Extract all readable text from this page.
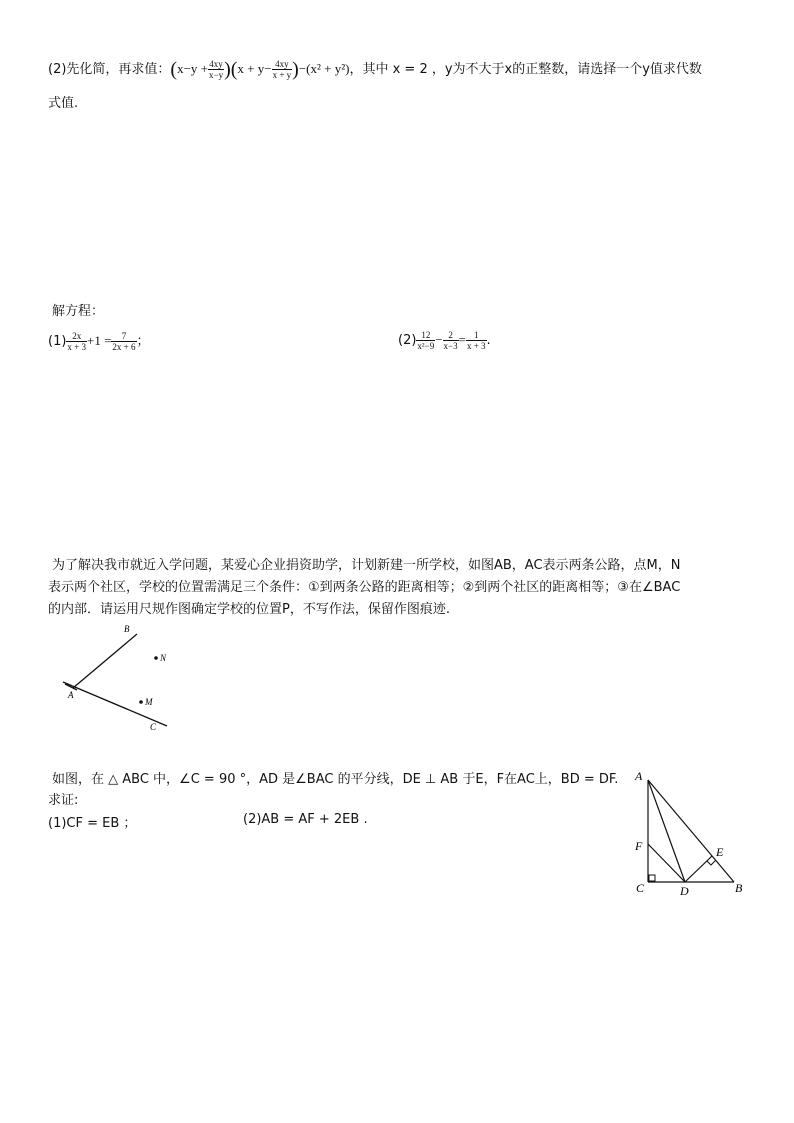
(2)先化简，再求值：$(x-y + \frac{4xy}{x-y} )(x + y- \frac{4xy}{x + y} )-(x^2 + y^2)$，其中 x = 2 ，y为不大于x的正整数，请选择一个y值求代数
式值.
解方程：
$(1) \frac{2x}{x + 3} +1 = \frac{7}{2x + 6}$ ；	$(2) \frac{12}{\text{x²−9}} - \frac{2}{x-3} = \frac{1}{x + 3}$ .
为了解决我市就近入学问题，某爱心企业捐资助学，计划新建一所学校，如图AB，AC表示两条公路，点M，N
表示两个社区，学校的位置需满足三个条件：①到两条公路的距离相等；②到两个社区的距离相等；③在∠BAC
的内部．请运用尺规作图确定学校的位置P，不写作法，保留作图痕迹.
B
N
A
M
C
如图，在 △ ABC 中，∠C = 90 °，AD 是∠BAC 的平分线，DE ⊥ AB 于E，F在AC上，BD = DF.
求证:
(1)CF = EB ；	(2)AB = AF + 2EB .
A
F	E
C	D	B
